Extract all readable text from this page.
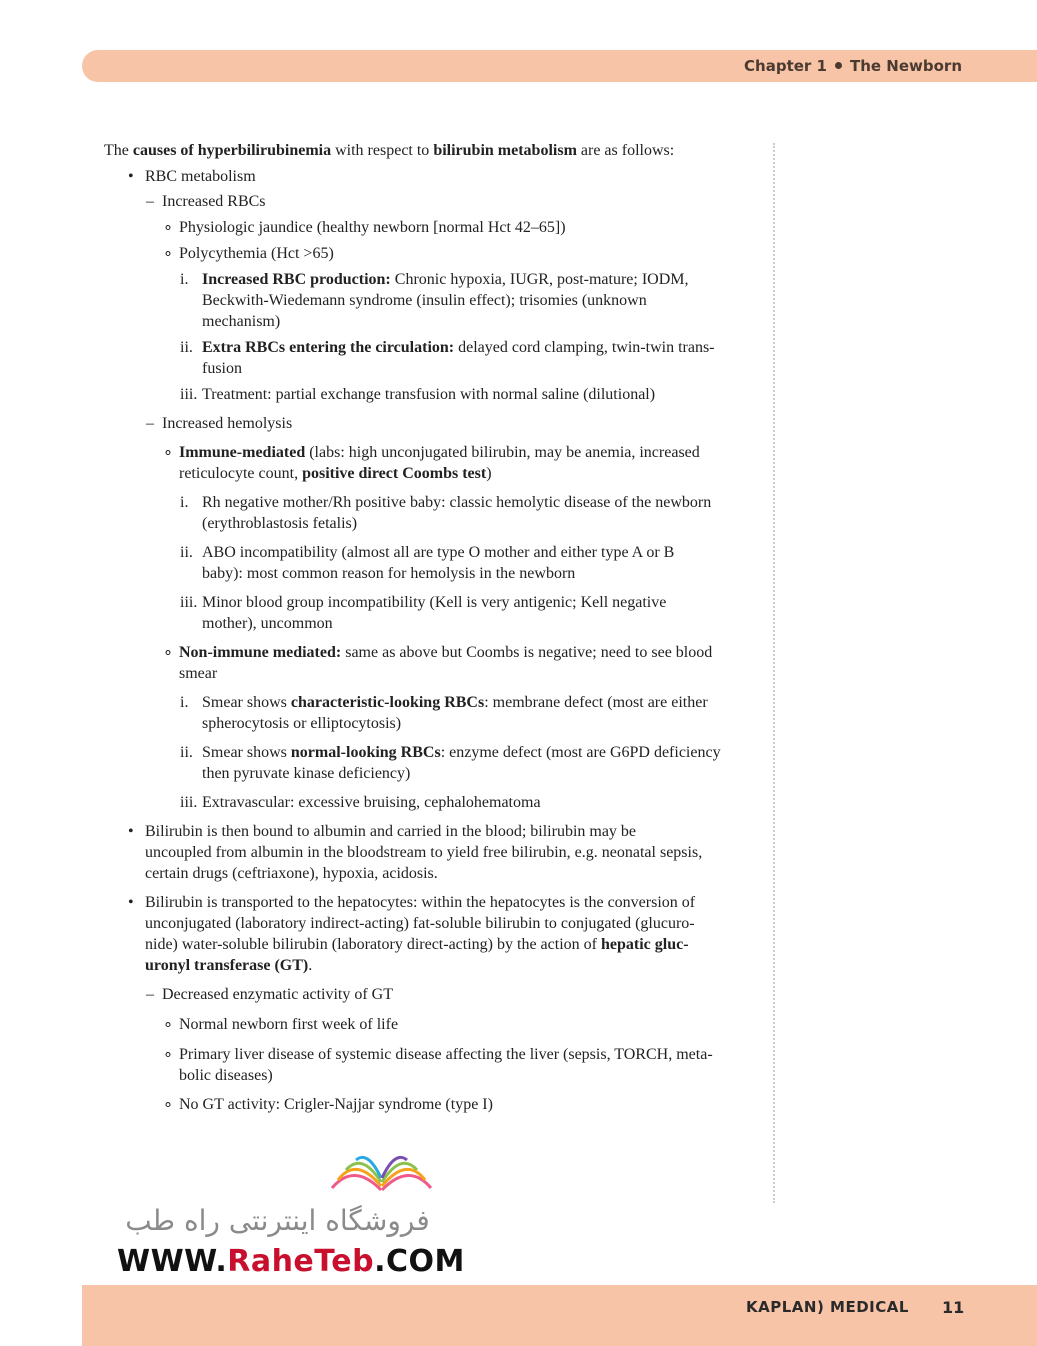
Chapter 1 The Newborn
The causes of hyperbilirubinemia with respect to bilirubin metabolism are as follows:
• RBC metabolism
– Increased RBCs
∘ Physiologic jaundice (healthy newborn [normal Hct 42–65])
∘ Polycythemia (Hct >65)
i. Increased RBC production: Chronic hypoxia, IUGR, post-mature; IODM,
Beckwith-Wiedemann syndrome (insulin effect); trisomies (unknown
mechanism)
ii. Extra RBCs entering the circulation: delayed cord clamping, twin-twin trans-
fusion
iii. Treatment: partial exchange transfusion with normal saline (dilutional)
– Increased hemolysis
∘ Immune-mediated (labs: high unconjugated bilirubin, may be anemia, increased
reticulocyte count, positive direct Coombs test)
i. Rh negative mother/Rh positive baby: classic hemolytic disease of the newborn
(erythroblastosis fetalis)
ii. ABO incompatibility (almost all are type O mother and either type A or B
baby): most common reason for hemolysis in the newborn
iii. Minor blood group incompatibility (Kell is very antigenic; Kell negative
mother), uncommon
∘ Non-immune mediated: same as above but Coombs is negative; need to see blood
smear
i. Smear shows characteristic-looking RBCs: membrane defect (most are either
spherocytosis or elliptocytosis)
ii. Smear shows normal-looking RBCs: enzyme defect (most are G6PD deficiency
then pyruvate kinase deficiency)
iii. Extravascular: excessive bruising, cephalohematoma
• Bilirubin is then bound to albumin and carried in the blood; bilirubin may be
uncoupled from albumin in the bloodstream to yield free bilirubin, e.g. neonatal sepsis,
certain drugs (ceftriaxone), hypoxia, acidosis.
• Bilirubin is transported to the hepatocytes: within the hepatocytes is the conversion of
unconjugated (laboratory indirect-acting) fat-soluble bilirubin to conjugated (glucuro-
nide) water-soluble bilirubin (laboratory direct-acting) by the action of hepatic gluc-
uronyl transferase (GT).
– Decreased enzymatic activity of GT
∘ Normal newborn first week of life
∘ Primary liver disease of systemic disease affecting the liver (sepsis, TORCH, meta-
bolic diseases)
∘ No GT activity: Crigler-Najjar syndrome (type I)
فروشگاه اینترنتی راه طب
WWW.RaheTeb.COM
KAPLAN) MEDICAL 11
